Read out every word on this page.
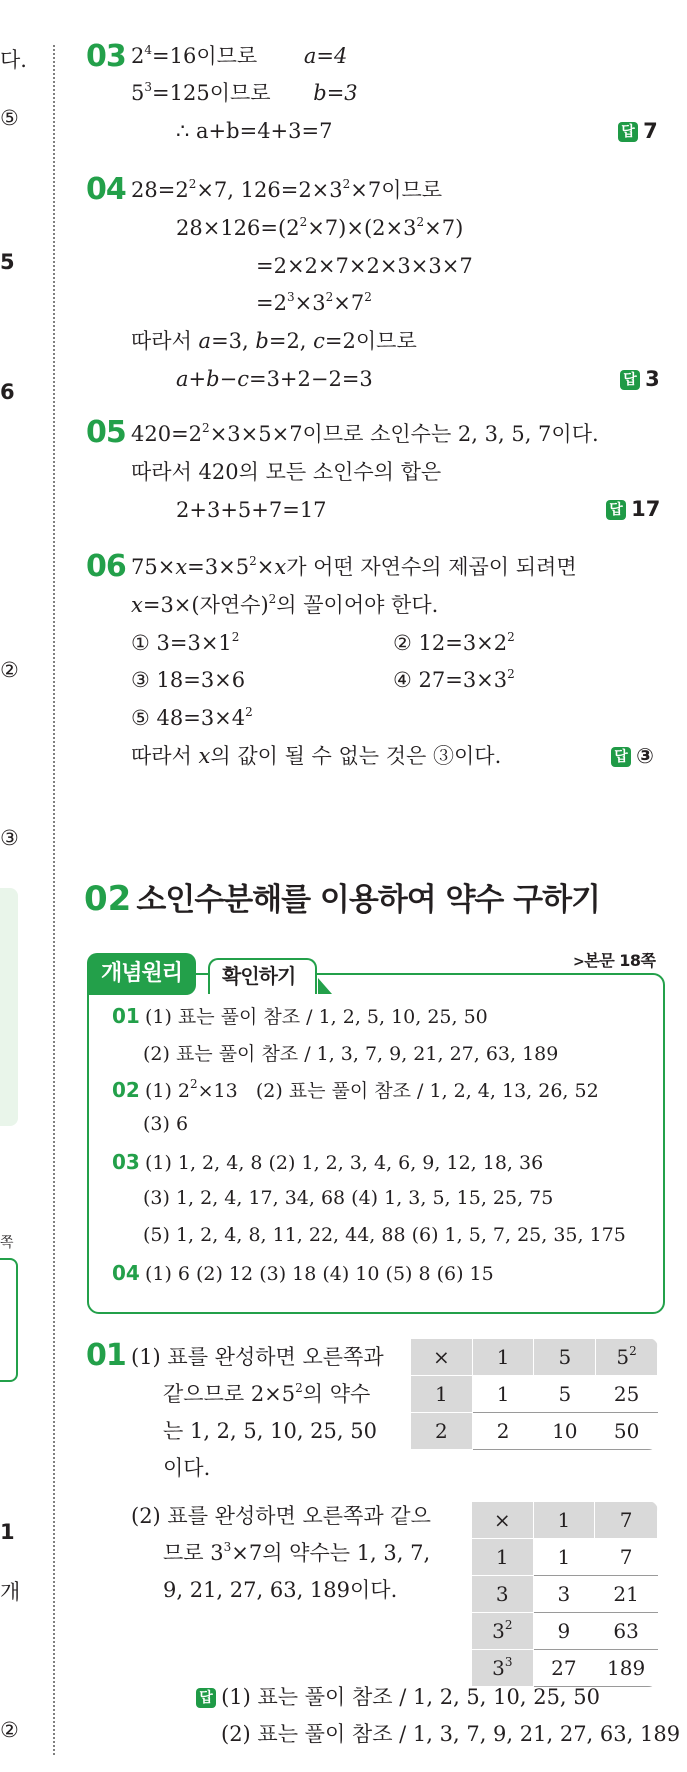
다.
⑤
5
6
②
③
쪽
1
개
②
03 $2^4=16$이므로 a=4
$5^3=125$이므로 b=3
∴ a+b=4+3=7	답 7
04 $28=2^2\times 7$, $126=2\times 3^2\times 7$이므로
$28\times 126=(2^2\times 7)\times(2\times 3^2\times 7)$
=2×2×7×2×3×3×7
$=2^3\times 3^2\times 7^2$
따라서 a=3, b=2, c=2이므로
a+b−c=3+2−2=3	답 3
05 $420=2^2\times 3\times 5\times 7$이므로 소인수는 2, 3, 5, 7이다.
따라서 420의 모든 소인수의 합은
2+3+5+7=17	답 17
06 $75\times x=3\times 5^2\times x$가 어떤 자연수의 제곱이 되려면
x=3×(자연수)$^2$의 꼴이어야 한다.
① $3=3\times 1^2$	② $12=3\times 2^2$
③ 18=3×6	④ $27=3\times 3^2$
⑤ $48=3\times 4^2$
따라서 x의 값이 될 수 없는 것은 ③이다.	답 ③
02 소인수분해를 이용하여 약수 구하기
개념원리	확인하기
>본문 18쪽
01 (1) 표는 풀이 참조 / 1, 2, 5, 10, 25, 50
(2) 표는 풀이 참조 / 1, 3, 7, 9, 21, 27, 63, 189
02 (1) $2^2\times 13$   (2) 표는 풀이 참조 / 1, 2, 4, 13, 26, 52
(3) 6
03 (1) 1, 2, 4, 8 (2) 1, 2, 3, 4, 6, 9, 12, 18, 36
(3) 1, 2, 4, 17, 34, 68 (4) 1, 3, 5, 15, 25, 75
(5) 1, 2, 4, 8, 11, 22, 44, 88 (6) 1, 5, 7, 25, 35, 175
04 (1) 6 (2) 12 (3) 18 (4) 10 (5) 8 (6) 15
01 (1) 표를 완성하면 오른쪽과
같으므로 $2\times 5^2$의 약수
는 1, 2, 5, 10, 25, 50
이다.
×	1	5	$5^2$
1	1	5	25
2	2	10	50
(2) 표를 완성하면 오른쪽과 같으
므로 $3^3\times 7$의 약수는 1, 3, 7,
9, 21, 27, 63, 189이다.
×	1	7
1	1	7
3	3	21
$3^2$	9	63
$3^3$	27	189
답 (1) 표는 풀이 참조 / 1, 2, 5, 10, 25, 50
(2) 표는 풀이 참조 / 1, 3, 7, 9, 21, 27, 63, 189
